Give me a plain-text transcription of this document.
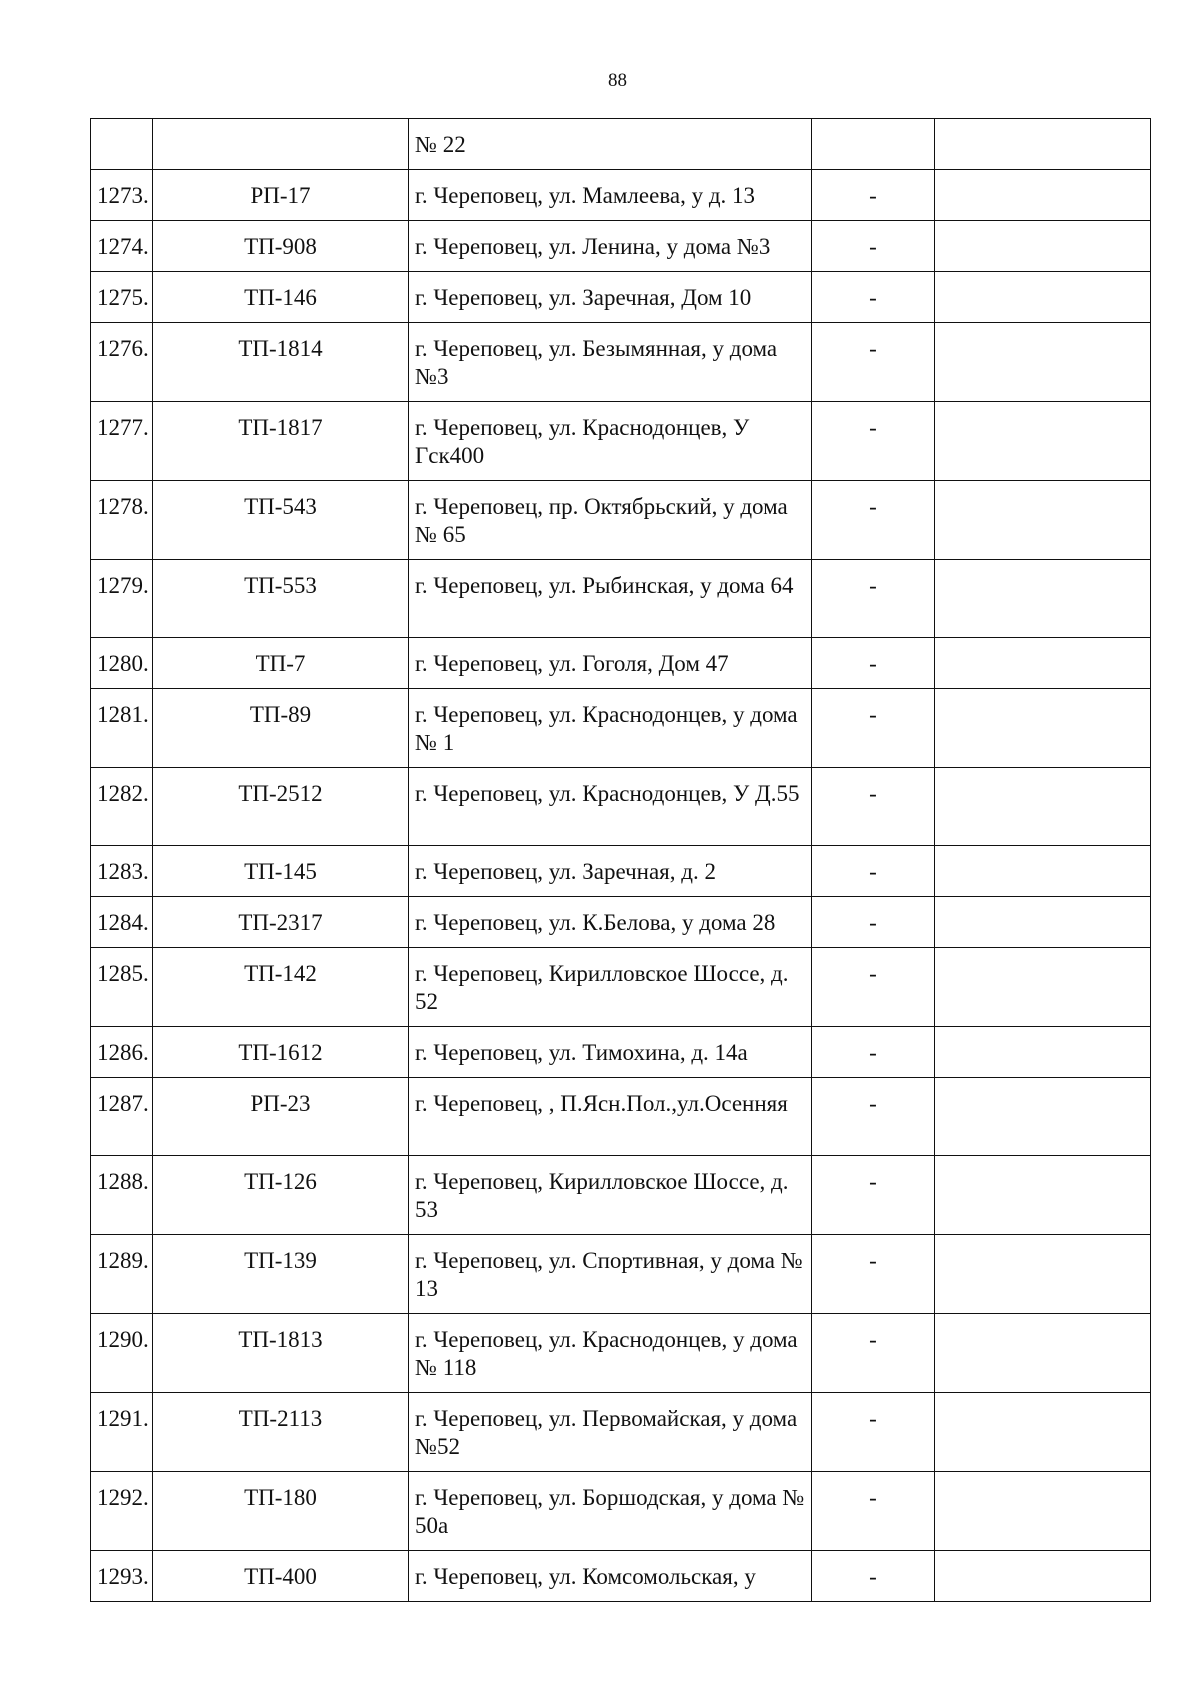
88
		№ 22		
1273.	РП-17	г. Череповец, ул. Мамлеева, у д. 13	-	
1274.	ТП-908	г. Череповец, ул. Ленина, у дома №3	-	
1275.	ТП-146	г. Череповец, ул. Заречная, Дом 10	-	
1276.	ТП-1814	г. Череповец, ул. Безымянная, у дома №3	-	
1277.	ТП-1817	г. Череповец, ул. Краснодонцев, У Гск400	-	
1278.	ТП-543	г. Череповец, пр. Октябрьский, у дома № 65	-	
1279.	ТП-553	г. Череповец, ул. Рыбинская, у дома 64	-	
1280.	ТП-7	г. Череповец, ул. Гоголя, Дом 47	-	
1281.	ТП-89	г. Череповец, ул. Краснодонцев, у дома № 1	-	
1282.	ТП-2512	г. Череповец, ул. Краснодонцев, У Д.55	-	
1283.	ТП-145	г. Череповец, ул. Заречная, д. 2	-	
1284.	ТП-2317	г. Череповец, ул. К.Белова, у дома 28	-	
1285.	ТП-142	г. Череповец, Кирилловское Шоссе, д. 52	-	
1286.	ТП-1612	г. Череповец, ул. Тимохина, д. 14а	-	
1287.	РП-23	г. Череповец, , П.Ясн.Пол.,ул.Осенняя	-	
1288.	ТП-126	г. Череповец, Кирилловское Шоссе, д. 53	-	
1289.	ТП-139	г. Череповец, ул. Спортивная, у дома № 13	-	
1290.	ТП-1813	г. Череповец, ул. Краснодонцев, у дома № 118	-	
1291.	ТП-2113	г. Череповец, ул. Первомайская, у дома №52	-	
1292.	ТП-180	г. Череповец, ул. Боршодская, у дома № 50а	-	
1293.	ТП-400	г. Череповец, ул. Комсомольская, у	-	
